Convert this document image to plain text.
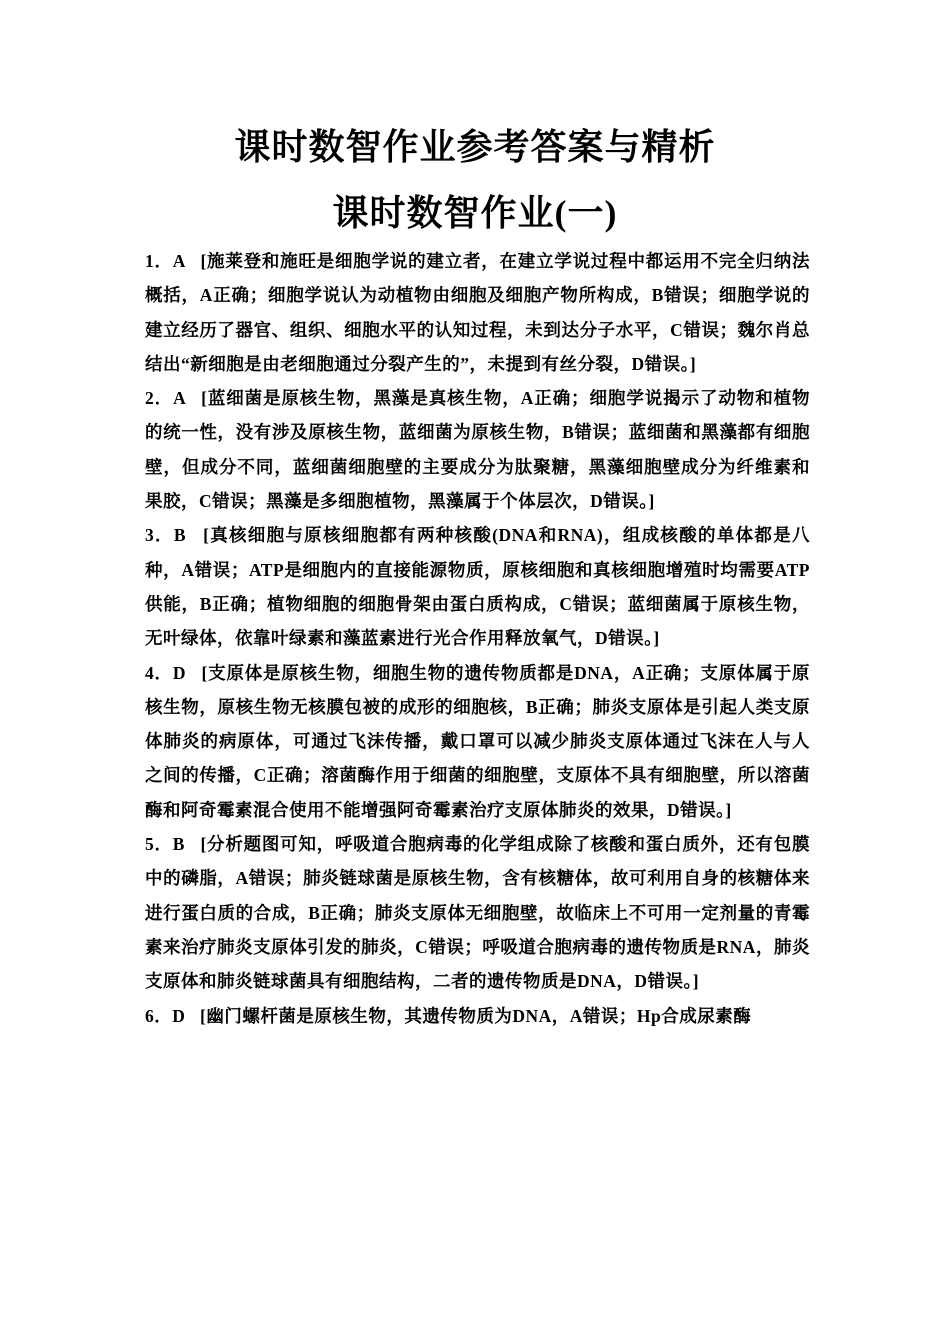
课时数智作业参考答案与精析
课时数智作业(一)

1．A [施莱登和施旺是细胞学说的建立者，在建立学说过程中都运用不完全归纳法概括，A正确；细胞学说认为动植物由细胞及细胞产物所构成，B错误；细胞学说的建立经历了器官、组织、细胞水平的认知过程，未到达分子水平，C错误；魏尔肖总结出“新细胞是由老细胞通过分裂产生的”，未提到有丝分裂，D错误。]

2．A [蓝细菌是原核生物，黑藻是真核生物，A正确；细胞学说揭示了动物和植物的统一性，没有涉及原核生物，蓝细菌为原核生物，B错误；蓝细菌和黑藻都有细胞壁，但成分不同，蓝细菌细胞壁的主要成分为肽聚糖，黑藻细胞壁成分为纤维素和果胶，C错误；黑藻是多细胞植物，黑藻属于个体层次，D错误。]

3．B [真核细胞与原核细胞都有两种核酸(DNA和RNA)，组成核酸的单体都是八种，A错误；ATP是细胞内的直接能源物质，原核细胞和真核细胞增殖时均需要ATP供能，B正确；植物细胞的细胞骨架由蛋白质构成，C错误；蓝细菌属于原核生物，无叶绿体，依靠叶绿素和藻蓝素进行光合作用释放氧气，D错误。]

4．D [支原体是原核生物，细胞生物的遗传物质都是DNA，A正确；支原体属于原核生物，原核生物无核膜包被的成形的细胞核，B正确；肺炎支原体是引起人类支原体肺炎的病原体，可通过飞沫传播，戴口罩可以减少肺炎支原体通过飞沫在人与人之间的传播，C正确；溶菌酶作用于细菌的细胞壁，支原体不具有细胞壁，所以溶菌酶和阿奇霉素混合使用不能增强阿奇霉素治疗支原体肺炎的效果，D错误。]

5．B [分析题图可知，呼吸道合胞病毒的化学组成除了核酸和蛋白质外，还有包膜中的磷脂，A错误；肺炎链球菌是原核生物，含有核糖体，故可利用自身的核糖体来进行蛋白质的合成，B正确；肺炎支原体无细胞壁，故临床上不可用一定剂量的青霉素来治疗肺炎支原体引发的肺炎，C错误；呼吸道合胞病毒的遗传物质是RNA，肺炎支原体和肺炎链球菌具有细胞结构，二者的遗传物质是DNA，D错误。]

6．D [幽门螺杆菌是原核生物，其遗传物质为DNA，A错误；Hp合成尿素酶
